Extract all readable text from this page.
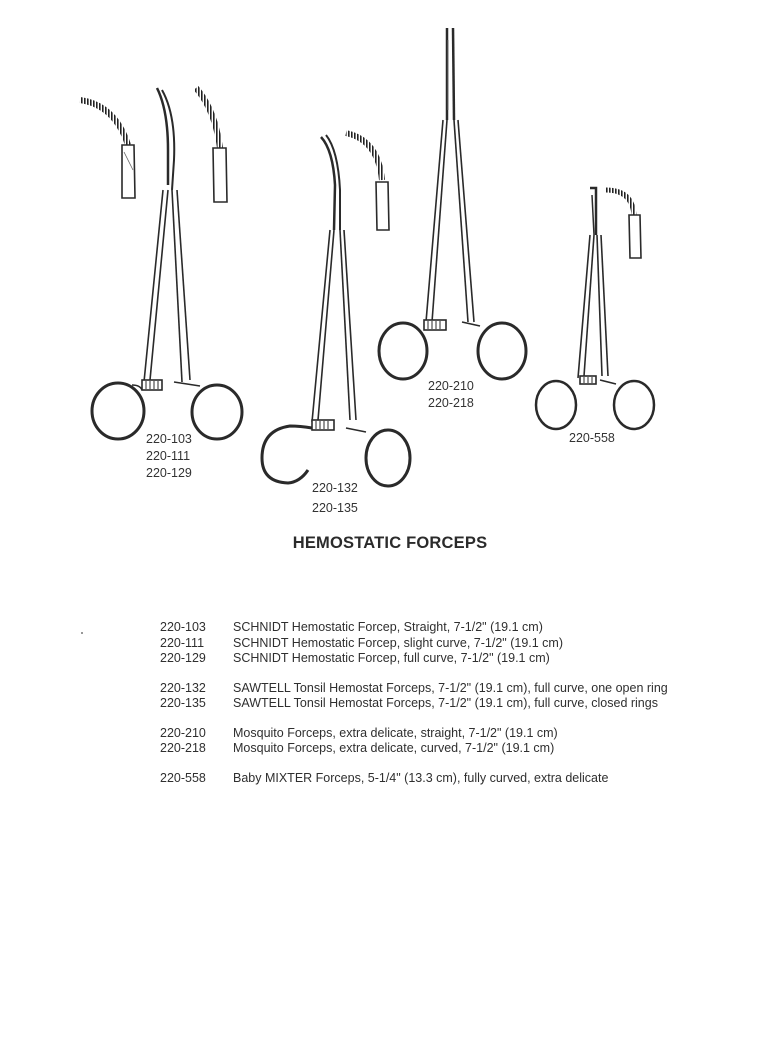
220-103
220-111
220-129
220-132
220-135
220-210
220-218
220-558
HEMOSTATIC FORCEPS
220-103	SCHNIDT Hemostatic Forcep, Straight, 7-1/2" (19.1 cm)
220-111	SCHNIDT Hemostatic Forcep, slight curve, 7-1/2" (19.1 cm)
220-129	SCHNIDT Hemostatic Forcep, full curve, 7-1/2" (19.1 cm)
220-132	SAWTELL Tonsil Hemostat Forceps, 7-1/2" (19.1 cm), full curve, one open ring
220-135	SAWTELL Tonsil Hemostat Forceps, 7-1/2" (19.1 cm), full curve, closed rings
220-210	Mosquito Forceps, extra delicate, straight, 7-1/2" (19.1 cm)
220-218	Mosquito Forceps, extra delicate, curved, 7-1/2" (19.1 cm)
220-558	Baby MIXTER Forceps, 5-1/4" (13.3 cm), fully curved, extra delicate
